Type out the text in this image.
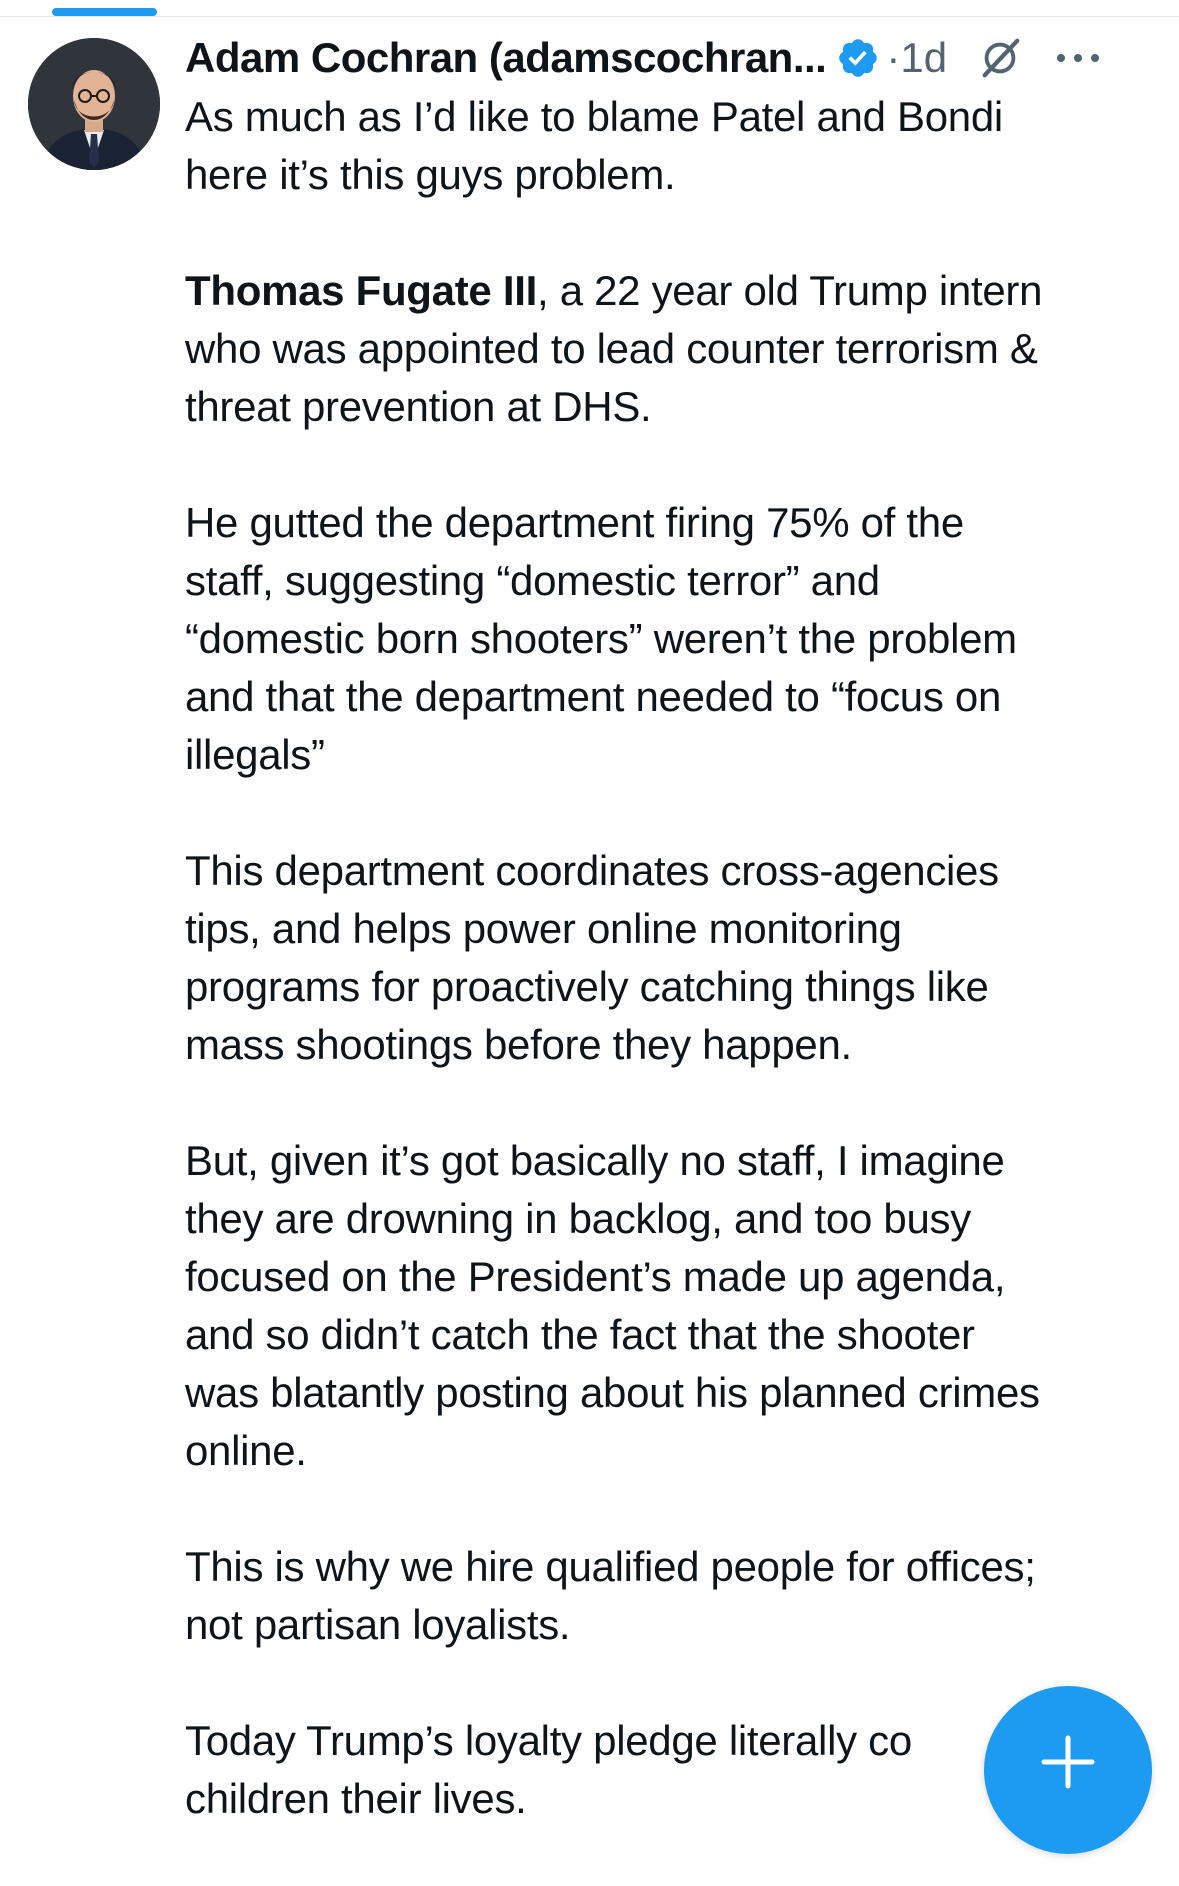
Adam Cochran (adamscochran... ·1d

As much as I’d like to blame Patel and Bondi
here it’s this guys problem.

Thomas Fugate III, a 22 year old Trump intern
who was appointed to lead counter terrorism &
threat prevention at DHS.

He gutted the department firing 75% of the
staff, suggesting “domestic terror” and
“domestic born shooters” weren’t the problem
and that the department needed to “focus on
illegals”

This department coordinates cross-agencies
tips, and helps power online monitoring
programs for proactively catching things like
mass shootings before they happen.

But, given it’s got basically no staff, I imagine
they are drowning in backlog, and too busy
focused on the President’s made up agenda,
and so didn’t catch the fact that the shooter
was blatantly posting about his planned crimes
online.

This is why we hire qualified people for offices;
not partisan loyalists.

Today Trump’s loyalty pledge literally co
children their lives.
